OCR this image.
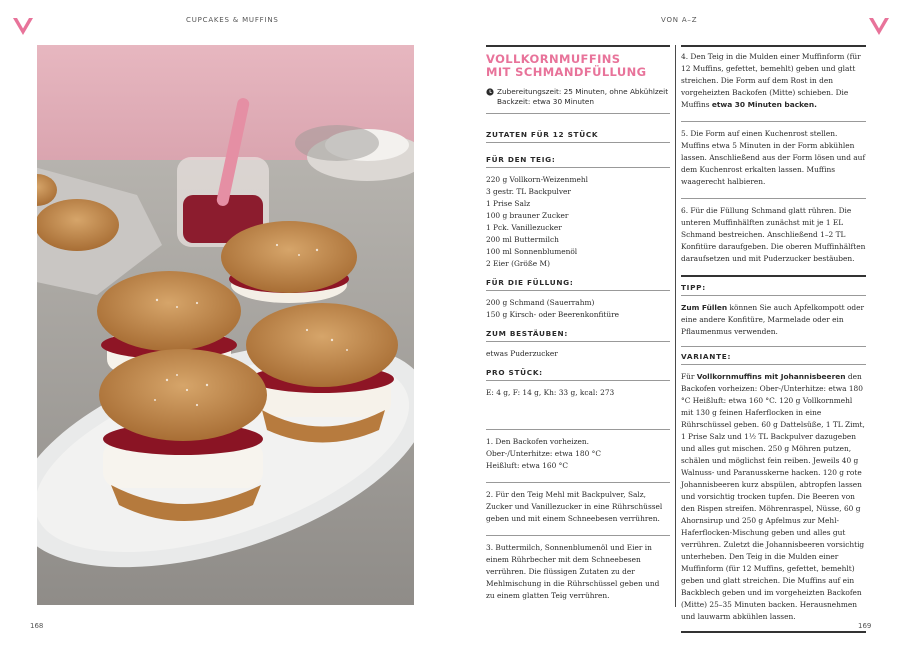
CUPCAKES & MUFFINS	VON A–Z
VOLLKORNMUFFINS
MIT SCHMANDFÜLLUNG
Zubereitungszeit: 25 Minuten, ohne Abkühlzeit
Backzeit: etwa 30 Minuten
ZUTATEN FÜR 12 STÜCK
FÜR DEN TEIG:
220 g Vollkorn-Weizenmehl
3 gestr. TL Backpulver
1 Prise Salz
100 g brauner Zucker
1 Pck. Vanillezucker
200 ml Buttermilch
100 ml Sonnenblumenöl
2 Eier (Größe M)
FÜR DIE FÜLLUNG:
200 g Schmand (Sauerrahm)
150 g Kirsch- oder Beerenkonfitüre
ZUM BESTÄUBEN:

etwas Puderzucker

PRO STÜCK:

E: 4 g, F: 14 g, Kh: 33 g, kcal: 273

1. Den Backofen vorheizen.
Ober-/Unterhitze: etwa 180 °C
Heißluft: etwa 160 °C
2. Für den Teig Mehl mit Backpulver, Salz, Zucker und Vanillezucker in eine Rührschüssel geben und mit einem Schneebesen verrühren.
3. Buttermilch, Sonnenblumenöl und Eier in einem Rührbecher mit dem Schneebesen verrühren. Die flüssigen Zutaten zu der Mehlmischung in die Rührschüssel geben und zu einem glatten Teig verrühren.
4. Den Teig in die Mulden einer Muffinform (für 12 Muffins, gefettet, bemehlt) geben und glatt streichen. Die Form auf dem Rost in den vorgeheizten Backofen (Mitte) schieben. Die Muffins etwa 30 Minuten backen.
5. Die Form auf einen Kuchenrost stellen. Muffins etwa 5 Minuten in der Form abkühlen lassen. Anschließend aus der Form lösen und auf dem Kuchenrost erkalten lassen. Muffins waagerecht halbieren.
6. Für die Füllung Schmand glatt rühren. Die unteren Muffinhälften zunächst mit je 1 EL Schmand bestreichen. Anschließend 1–2 TL Konfitüre daraufgeben. Die oberen Muffinhälften daraufsetzen und mit Puderzucker bestäuben.
TIPP:

Zum Füllen können Sie auch Apfelkompott oder eine andere Konfitüre, Marmelade oder ein Pflaumenmus verwenden.

VARIANTE:

Für Vollkornmuffins mit Johannisbeeren den Backofen vorheizen: Ober-/Unterhitze: etwa 180 °C Heißluft: etwa 160 °C. 120 g Vollkornmehl mit 130 g feinen Haferflocken in eine Rührschüssel geben. 60 g Dattelsüße, 1 TL Zimt, 1 Prise Salz und 1½ TL Backpulver dazugeben und alles gut mischen. 250 g Möhren putzen, schälen und möglichst fein reiben. Jeweils 40 g Walnuss- und Paranusskerne hacken. 120 g rote Johannisbeeren kurz abspülen, abtropfen lassen und vorsichtig trocken tupfen. Die Beeren von den Rispen streifen. Möhrenraspel, Nüsse, 60 g Ahornsirup und 250 g Apfelmus zur Mehl-Haferflocken-Mischung geben und alles gut verrühren. Zuletzt die Johannisbeeren vorsichtig unterheben. Den Teig in die Mulden einer Muffinform (für 12 Muffins, gefettet, bemehlt) geben und glatt streichen. Die Muffins auf ein Backblech geben und im vorgeheizten Backofen (Mitte) 25–35 Minuten backen. Herausnehmen und lauwarm abkühlen lassen.

168	169
